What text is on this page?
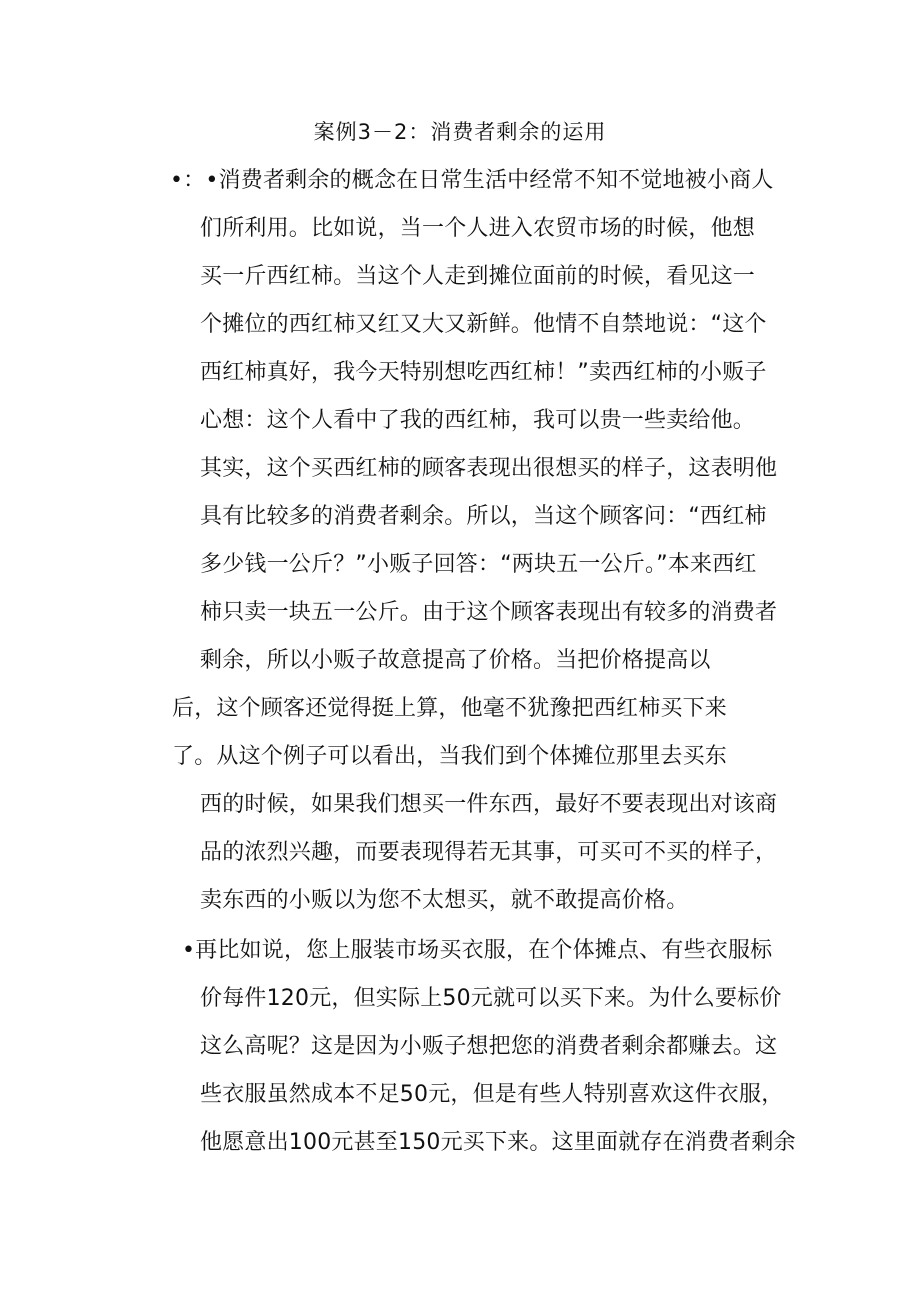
案例3－2：消费者剩余的运用
•：•消费者剩余的概念在日常生活中经常不知不觉地被小商人
们所利用。比如说，当一个人进入农贸市场的时候，他想
买一斤西红柿。当这个人走到摊位面前的时候，看见这一
个摊位的西红柿又红又大又新鲜。他情不自禁地说：“这个
西红柿真好，我今天特别想吃西红柿！”卖西红柿的小贩子
心想：这个人看中了我的西红柿，我可以贵一些卖给他。
其实，这个买西红柿的顾客表现出很想买的样子，这表明他
具有比较多的消费者剩余。所以，当这个顾客问：“西红柿
多少钱一公斤？”小贩子回答：“两块五一公斤。”本来西红
柿只卖一块五一公斤。由于这个顾客表现出有较多的消费者
剩余，所以小贩子故意提高了价格。当把价格提高以
后，这个顾客还觉得挺上算，他毫不犹豫把西红柿买下来
了。从这个例子可以看出，当我们到个体摊位那里去买东
西的时候，如果我们想买一件东西，最好不要表现出对该商
品的浓烈兴趣，而要表现得若无其事，可买可不买的样子，
卖东西的小贩以为您不太想买，就不敢提高价格。
•再比如说，您上服装市场买衣服，在个体摊点、有些衣服标
价每件120元，但实际上50元就可以买下来。为什么要标价
这么高呢？这是因为小贩子想把您的消费者剩余都赚去。这
些衣服虽然成本不足50元，但是有些人特别喜欢这件衣服，
他愿意出100元甚至150元买下来。这里面就存在消费者剩余
